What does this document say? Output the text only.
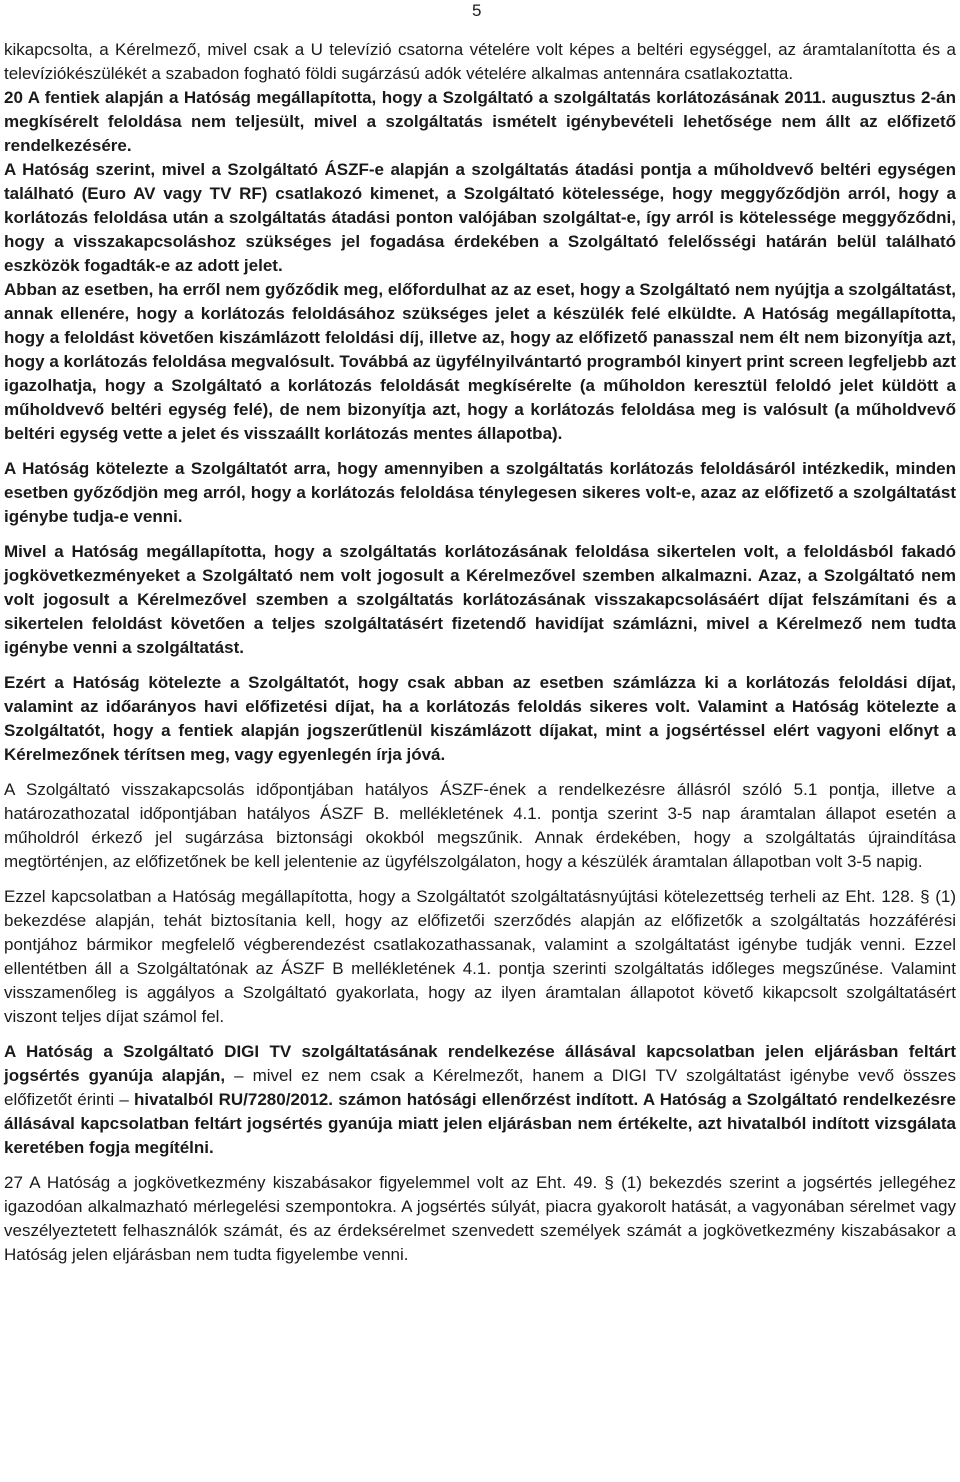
5

kikapcsolta, a Kérelmező, mivel csak a U televízió csatorna vételére volt képes a beltéri egységgel, az áramtalanította és a televíziókészülékét a szabadon fogható földi sugárzású adók vételére alkalmas antennára csatlakoztatta.

20 A fentiek alapján a Hatóság megállapította, hogy a Szolgáltató a szolgáltatás korlátozásának 2011. augusztus 2-án megkísérelt feloldása nem teljesült, mivel a szolgáltatás ismételt igénybevételi lehetősége nem állt az előfizető rendelkezésére.

A Hatóság szerint, mivel a Szolgáltató ÁSZF-e alapján a szolgáltatás átadási pontja a műholdvevő beltéri egységen található (Euro AV vagy TV RF) csatlakozó kimenet, a Szolgáltató kötelessége, hogy meggyőződjön arról, hogy a korlátozás feloldása után a szolgáltatás átadási ponton valójában szolgáltat-e, így arról is kötelessége meggyőződni, hogy a visszakapcsoláshoz szükséges jel fogadása érdekében a Szolgáltató felelősségi határán belül található eszközök fogadták-e az adott jelet.

Abban az esetben, ha erről nem győződik meg, előfordulhat az az eset, hogy a Szolgáltató nem nyújtja a szolgáltatást, annak ellenére, hogy a korlátozás feloldásához szükséges jelet a készülék felé elküldte. A Hatóság megállapította, hogy a feloldást követően kiszámlázott feloldási díj, illetve az, hogy az előfizető panasszal nem élt nem bizonyítja azt, hogy a korlátozás feloldása megvalósult. Továbbá az ügyfélnyilvántartó programból kinyert print screen legfeljebb azt igazolhatja, hogy a Szolgáltató a korlátozás feloldását megkísérelte (a műholdon keresztül feloldó jelet küldött a műholdvevő beltéri egység felé), de nem bizonyítja azt, hogy a korlátozás feloldása meg is valósult (a műholdvevő beltéri egység vette a jelet és visszaállt korlátozás mentes állapotba).

A Hatóság kötelezte a Szolgáltatót arra, hogy amennyiben a szolgáltatás korlátozás feloldásáról intézkedik, minden esetben győződjön meg arról, hogy a korlátozás feloldása ténylegesen sikeres volt-e, azaz az előfizető a szolgáltatást igénybe tudja-e venni.

Mivel a Hatóság megállapította, hogy a szolgáltatás korlátozásának feloldása sikertelen volt, a feloldásból fakadó jogkövetkezményeket a Szolgáltató nem volt jogosult a Kérelmezővel szemben alkalmazni. Azaz, a Szolgáltató nem volt jogosult a Kérelmezővel szemben a szolgáltatás korlátozásának visszakapcsolásáért díjat felszámítani és a sikertelen feloldást követően a teljes szolgáltatásért fizetendő havidíjat számlázni, mivel a Kérelmező nem tudta igénybe venni a szolgáltatást.

Ezért a Hatóság kötelezte a Szolgáltatót, hogy csak abban az esetben számlázza ki a korlátozás feloldási díjat, valamint az időarányos havi előfizetési díjat, ha a korlátozás feloldás sikeres volt. Valamint a Hatóság kötelezte a Szolgáltatót, hogy a fentiek alapján jogszerűtlenül kiszámlázott díjakat, mint a jogsértéssel elért vagyoni előnyt a Kérelmezőnek térítsen meg, vagy egyenlegén írja jóvá.

A Szolgáltató visszakapcsolás időpontjában hatályos ÁSZF-ének a rendelkezésre állásról szóló 5.1 pontja, illetve a határozathozatal időpontjában hatályos ÁSZF B. mellékletének 4.1. pontja szerint 3-5 nap áramtalan állapot esetén a műholdról érkező jel sugárzása biztonsági okokból megszűnik. Annak érdekében, hogy a szolgáltatás újraindítása megtörténjen, az előfizetőnek be kell jelentenie az ügyfélszolgálaton, hogy a készülék áramtalan állapotban volt 3-5 napig.

Ezzel kapcsolatban a Hatóság megállapította, hogy a Szolgáltatót szolgáltatásnyújtási kötelezettség terheli az Eht. 128. § (1) bekezdése alapján, tehát biztosítania kell, hogy az előfizetői szerződés alapján az előfizetők a szolgáltatás hozzáférési pontjához bármikor megfelelő végberendezést csatlakozathassanak, valamint a szolgáltatást igénybe tudják venni. Ezzel ellentétben áll a Szolgáltatónak az ÁSZF B mellékletének 4.1. pontja szerinti szolgáltatás időleges megszűnése. Valamint visszamenőleg is aggályos a Szolgáltató gyakorlata, hogy az ilyen áramtalan állapotot követő kikapcsolt szolgáltatásért viszont teljes díjat számol fel.

A Hatóság a Szolgáltató DIGI TV szolgáltatásának rendelkezése állásával kapcsolatban jelen eljárásban feltárt jogsértés gyanúja alapján, – mivel ez nem csak a Kérelmezőt, hanem a DIGI TV szolgáltatást igénybe vevő összes előfizetőt érinti – hivatalból RU/7280/2012. számon hatósági ellenőrzést indított. A Hatóság a Szolgáltató rendelkezésre állásával kapcsolatban feltárt jogsértés gyanúja miatt jelen eljárásban nem értékelte, azt hivatalból indított vizsgálata keretében fogja megítélni.

27 A Hatóság a jogkövetkezmény kiszabásakor figyelemmel volt az Eht. 49. § (1) bekezdés szerint a jogsértés jellegéhez igazodóan alkalmazható mérlegelési szempontokra. A jogsértés súlyát, piacra gyakorolt hatását, a vagyonában sérelmet vagy veszélyeztetett felhasználók számát, és az érdeksérelmet szenvedett személyek számát a jogkövetkezmény kiszabásakor a Hatóság jelen eljárásban nem tudta figyelembe venni.
